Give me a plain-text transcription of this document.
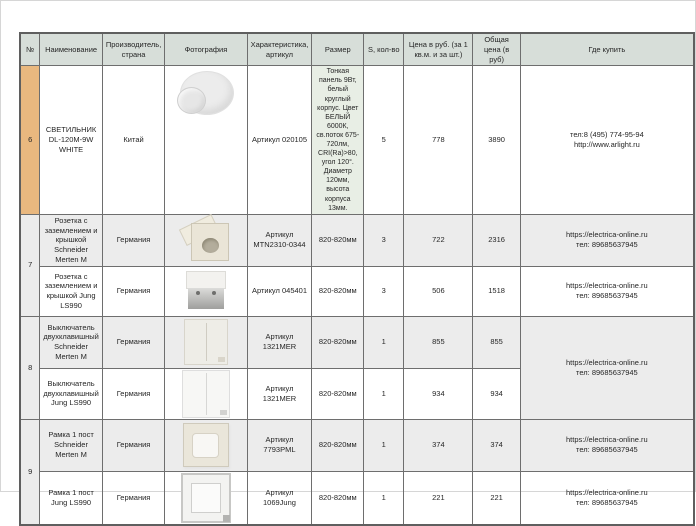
№	Наименование	Производитель, страна	Фотография	Характеристика, артикул	Размер	S, кол-во	Цена в руб. (за 1 кв.м. и за шт.)	Общая цена (в руб)	Где купить
6	СВЕТИЛЬНИК DL-120M-9W WHITE	Китай		Артикул 020105	Тонкая панель 9Вт, белый круглый корпус. Цвет БЕЛЫЙ 6000К, св.поток 675-720лм, CRI(Ra)>80, угол 120°. Диаметр 120мм, высота корпуса 13мм.	5	778	3890	тел:8 (495) 774-95-94
http://www.arlight.ru

7	Розетка с заземлением и крышкой Schneider Merten M	Германия		Артикул MTN2310-0344	820-820мм	3	722	2316	https://electrica-online.ru
тел: 89685637945

	Розетка с заземлением и крышкой Jung LS990	Германия		Артикул 045401	820-820мм	3	506	1518	https://electrica-online.ru
тел: 89685637945

8	Выключатель двухклавишный Schneider Merten M	Германия		Артикул 1321MER	820-820мм	1	855	855	https://electrica-online.ru
тел: 89685637945

	Выключатель двухклавишный Jung LS990	Германия		Артикул 1321MER	820-820мм	1	934	934	
9	Рамка 1 пост Schneider Merten M	Германия		Артикул 7793PML	820-820мм	1	374	374	https://electrica-online.ru
тел: 89685637945

	Рамка 1 пост Jung LS990	Германия		Артикул 1069Jung	820-820мм	1	221	221	https://electrica-online.ru
тел: 89685637945
